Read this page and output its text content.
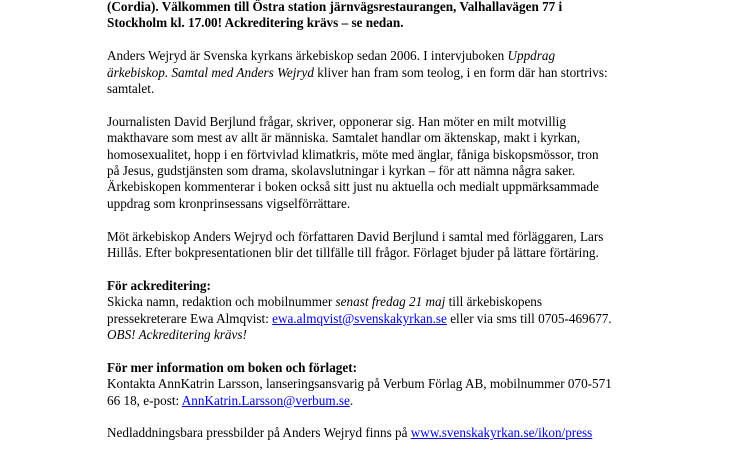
(Cordia). Välkommen till Östra station järnvägsrestaurangen, Valhallavägen 77 i
Stockholm kl. 17.00! Ackreditering krävs – se nedan.

Anders Wejryd är Svenska kyrkans ärkebiskop sedan 2006. I intervjuboken Uppdrag
ärkebiskop. Samtal med Anders Wejryd kliver han fram som teolog, i en form där han stortrivs:
samtalet.

Journalisten David Berjlund frågar, skriver, opponerar sig. Han möter en milt motvillig
makthavare som mest av allt är människa. Samtalet handlar om äktenskap, makt i kyrkan,
homosexualitet, hopp i en förtvivlad klimatkris, möte med änglar, fåniga biskopsmössor, tron
på Jesus, gudstjänsten som drama, skolavslutningar i kyrkan – för att nämna några saker.
Ärkebiskopen kommenterar i boken också sitt just nu aktuella och medialt uppmärksammade
uppdrag som kronprinsessans vigselförrättare.

Möt ärkebiskop Anders Wejryd och författaren David Berjlund i samtal med förläggaren, Lars
Hillås. Efter bokpresentationen blir det tillfälle till frågor. Förlaget bjuder på lättare förtäring.

För ackreditering:
Skicka namn, redaktion och mobilnummer senast fredag 21 maj till ärkebiskopens
pressekreterare Ewa Almqvist: ewa.almqvist@svenskakyrkan.se eller via sms till 0705-469677.
OBS! Ackreditering krävs!

För mer information om boken och förlaget:
Kontakta AnnKatrin Larsson, lanseringsansvarig på Verbum Förlag AB, mobilnummer 070-571
66 18, e-post: AnnKatrin.Larsson@verbum.se.

Nedladdningsbara pressbilder på Anders Wejryd finns på www.svenskakyrkan.se/ikon/press
